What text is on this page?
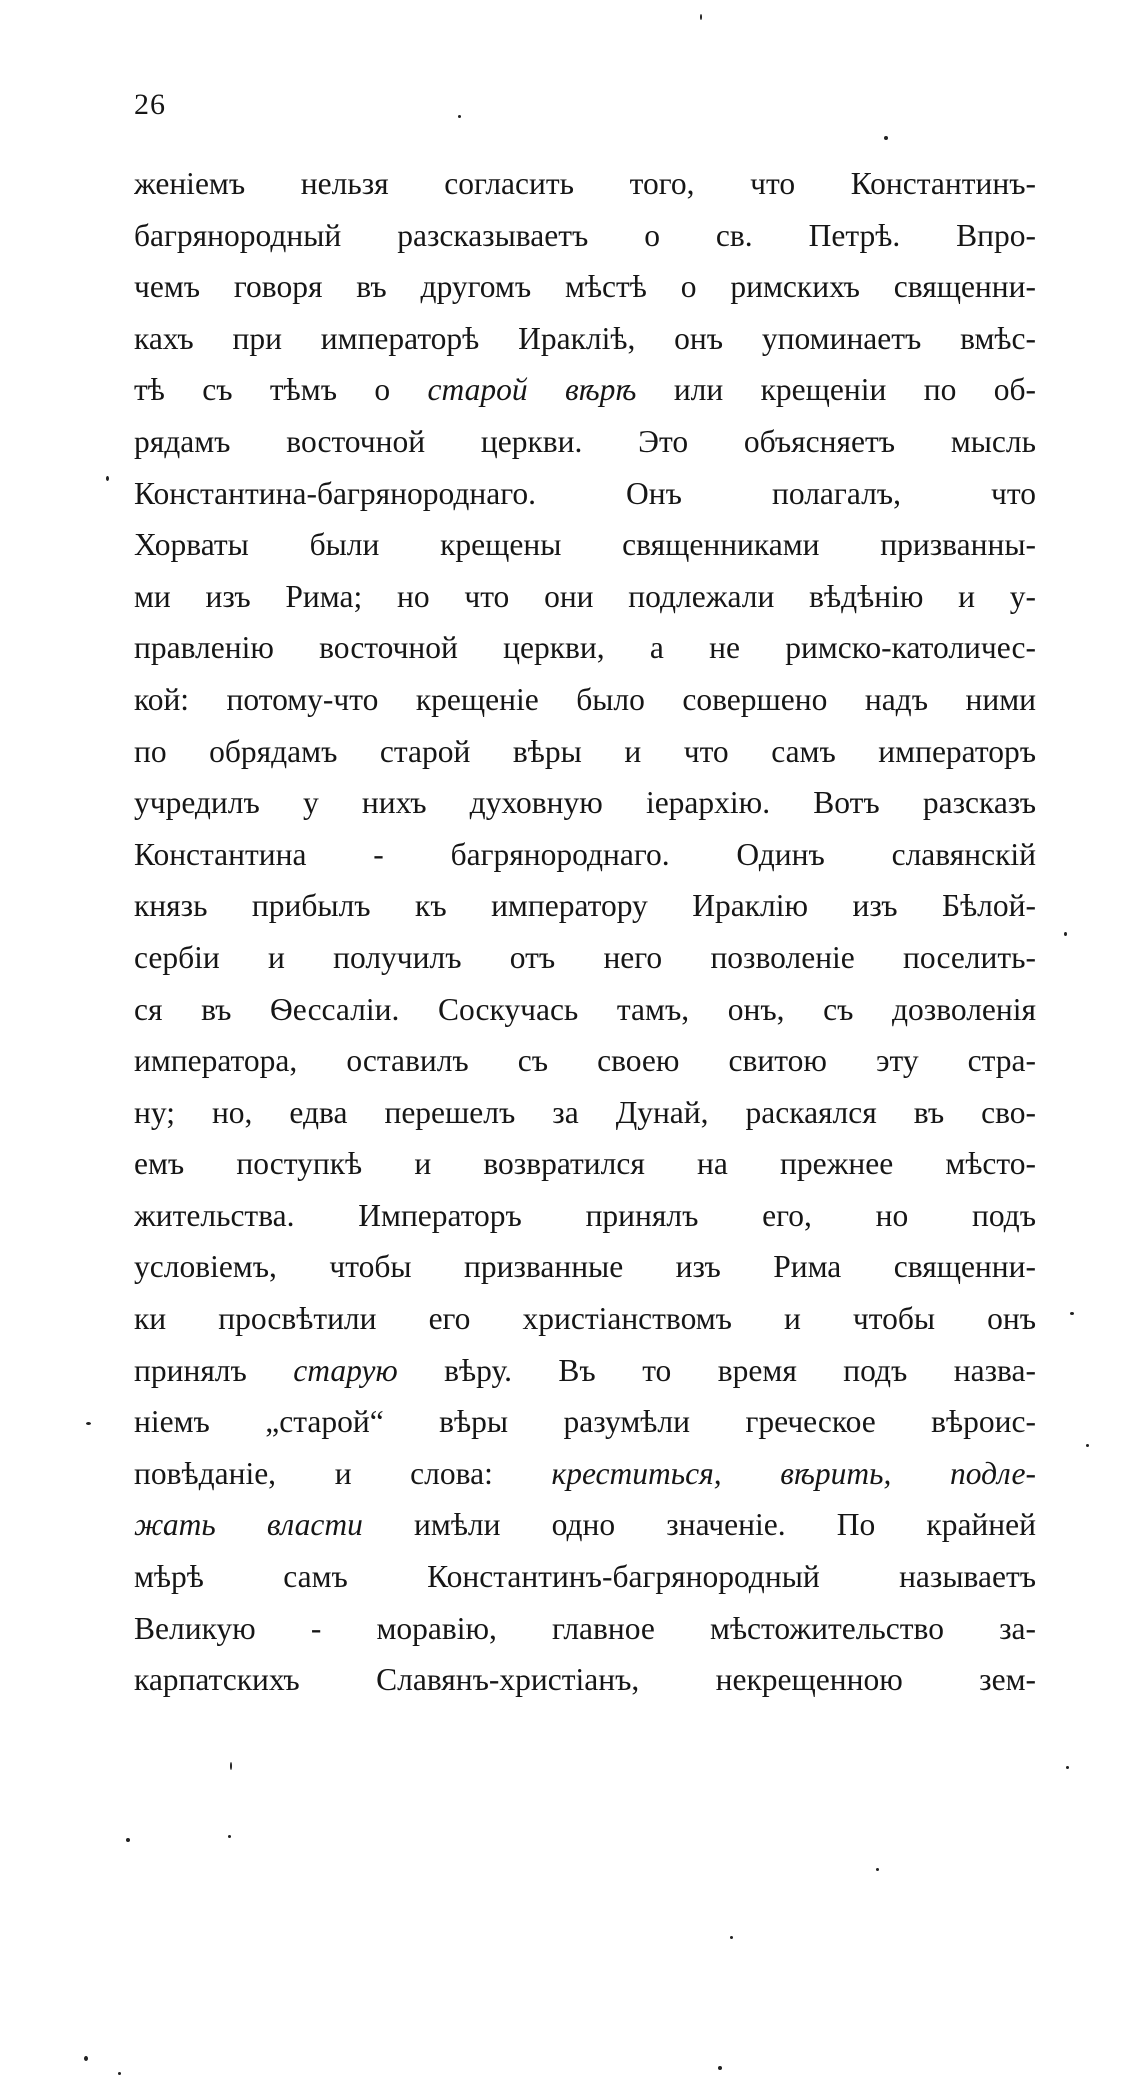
26
женіемъ нельзя согласить того, что Константинъ-
багрянородный разсказываетъ о св. Петрѣ. Впро-
чемъ говоря въ другомъ мѣстѣ о римскихъ священни-
кахъ при императорѣ Ираклiѣ, онъ упоминаетъ вмѣс-
тѣ съ тѣмъ о старой вѣрѣ или крещеніи по об-
рядамъ восточной церкви. Это объясняетъ мысль
Константина-багрянороднаго. Онъ полагалъ, что
Хорваты были крещены священниками призванны-
ми изъ Рима; но что они подлежали вѣдѣнію и у-
правленію восточной церкви, а не римско-католичес-
кой: потому-что крещеніе было совершено надъ ними
по обрядамъ старой вѣры и что самъ императоръ
учредилъ у нихъ духовную іерархію. Вотъ разсказъ
Константина - багрянороднаго. Одинъ славянскій
князь прибылъ къ императору Ираклію изъ Бѣлой-
сербіи и получилъ отъ него позволеніе поселить-
ся въ Ѳессаліи. Соскучась тамъ, онъ, съ дозволенія
императора, оставилъ съ своею свитою эту стра-
ну; но, едва перешелъ за Дунай, раскаялся въ сво-
емъ поступкѣ и возвратился на прежнее мѣсто-
жительства. Императоръ принялъ его, но подъ
условіемъ, чтобы призванные изъ Рима священни-
ки просвѣтили его христіанствомъ и чтобы онъ
принялъ старую вѣру. Въ то время подъ назва-
ніемъ „старой“ вѣры разумѣли греческое вѣроис-
повѣданіе, и слова: креститься, вѣрить, подле-
жать власти имѣли одно значеніе. По крайней
мѣрѣ самъ Константинъ-багрянородный называетъ
Великую - моравію, главное мѣстожительство за-
карпатскихъ Славянъ-христіанъ, некрещенною зем-
